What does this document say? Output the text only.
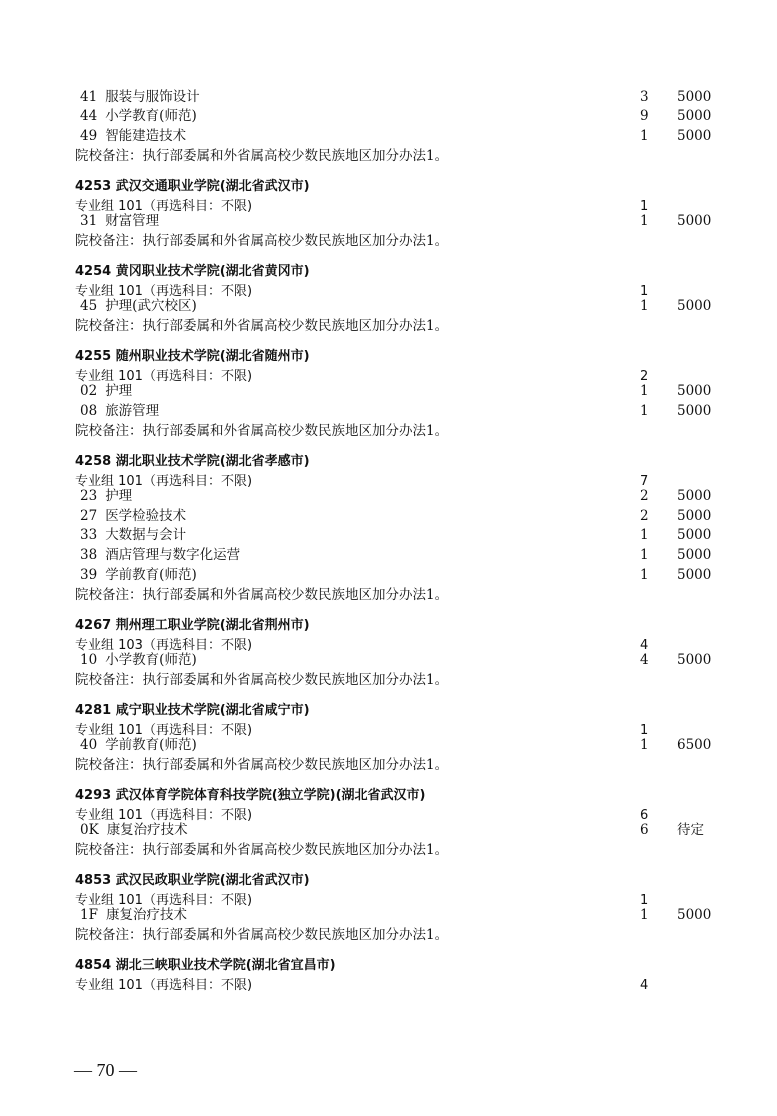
41 服装与服饰设计	3 5000
44 小学教育(师范)	9 5000
49 智能建造技术	1 5000
院校备注：执行部委属和外省属高校少数民族地区加分办法1。
4253 武汉交通职业学院(湖北省武汉市)
专业组 101（再选科目：不限)	1
31 财富管理	1 5000
院校备注：执行部委属和外省属高校少数民族地区加分办法1。
4254 黄冈职业技术学院(湖北省黄冈市)
专业组 101（再选科目：不限)	1
45 护理(武穴校区)	1 5000
院校备注：执行部委属和外省属高校少数民族地区加分办法1。
4255 随州职业技术学院(湖北省随州市)
专业组 101（再选科目：不限)	2
02 护理	1 5000
08 旅游管理	1 5000
院校备注：执行部委属和外省属高校少数民族地区加分办法1。
4258 湖北职业技术学院(湖北省孝感市)
专业组 101（再选科目：不限)	7
23 护理	2 5000
27 医学检验技术	2 5000
33 大数据与会计	1 5000
38 酒店管理与数字化运营	1 5000
39 学前教育(师范)	1 5000
院校备注：执行部委属和外省属高校少数民族地区加分办法1。
4267 荆州理工职业学院(湖北省荆州市)
专业组 103（再选科目：不限)	4
10 小学教育(师范)	4 5000
院校备注：执行部委属和外省属高校少数民族地区加分办法1。
4281 咸宁职业技术学院(湖北省咸宁市)
专业组 101（再选科目：不限)	1
40 学前教育(师范)	1 6500
院校备注：执行部委属和外省属高校少数民族地区加分办法1。
4293 武汉体育学院体育科技学院(独立学院)(湖北省武汉市)
专业组 101（再选科目：不限)	6
0K 康复治疗技术	6 待定
院校备注：执行部委属和外省属高校少数民族地区加分办法1。
4853 武汉民政职业学院(湖北省武汉市)
专业组 101（再选科目：不限)	1
1F 康复治疗技术	1 5000
院校备注：执行部委属和外省属高校少数民族地区加分办法1。
4854 湖北三峡职业技术学院(湖北省宜昌市)
专业组 101（再选科目：不限)	4
— 70 —
